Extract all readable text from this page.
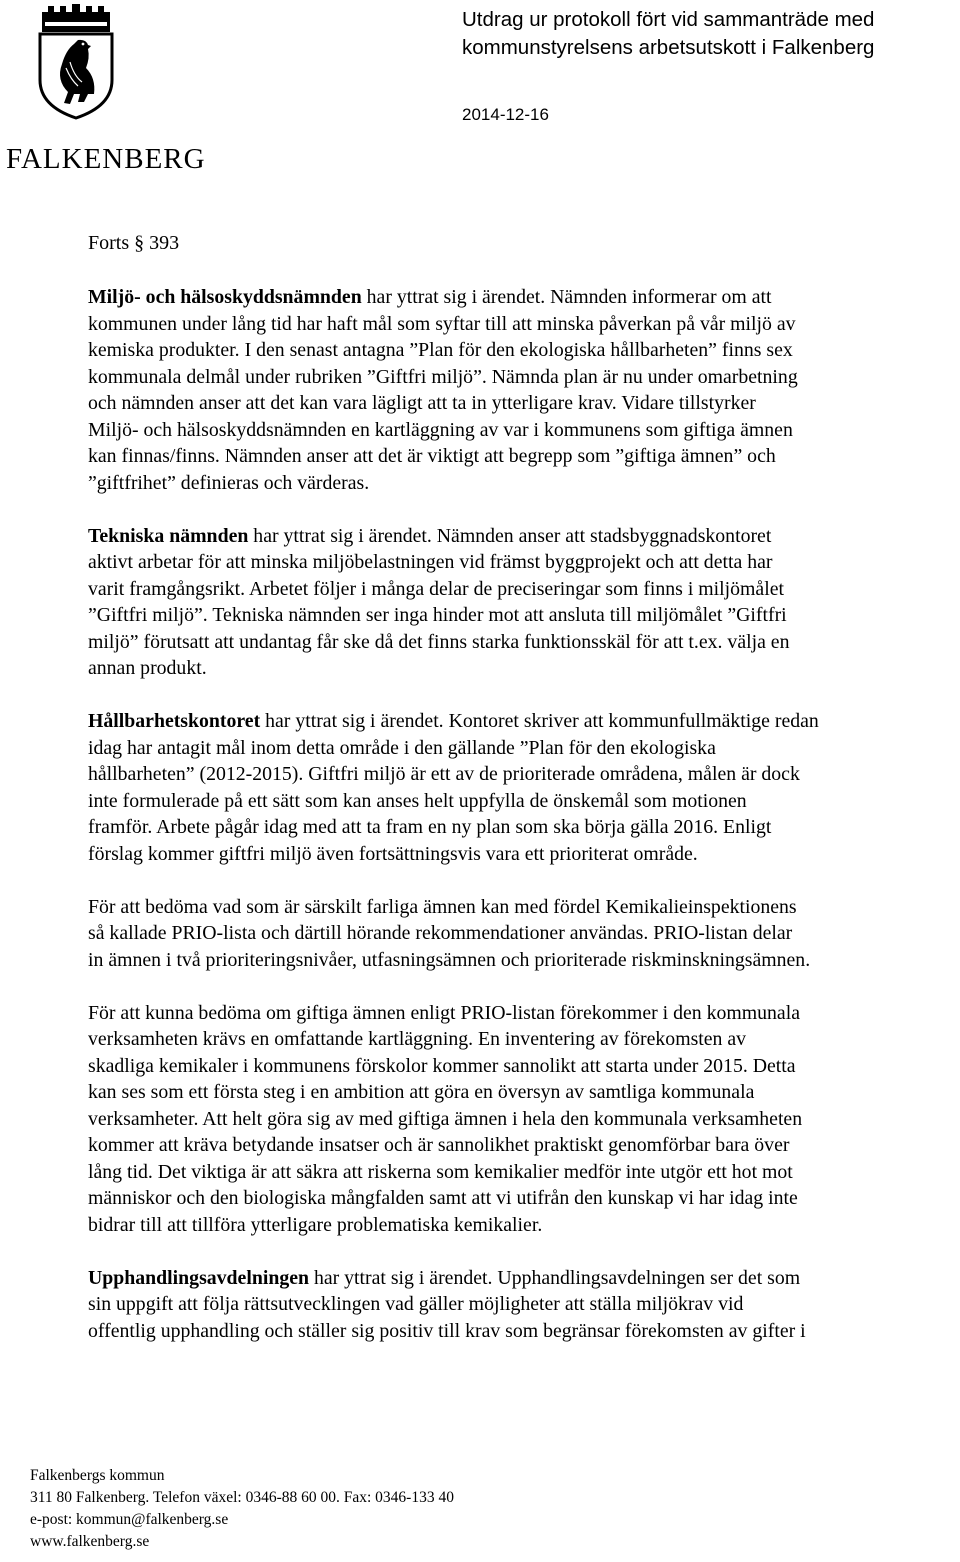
FALKENBERG
Utdrag ur protokoll fört vid sammanträde med
kommunstyrelsens arbetsutskott i Falkenberg
2014-12-16
Forts § 393

Miljö- och hälsoskyddsnämnden har yttrat sig i ärendet. Nämnden informerar om att
kommunen under lång tid har haft mål som syftar till att minska påverkan på vår miljö av
kemiska produkter. I den senast antagna ”Plan för den ekologiska hållbarheten” finns sex
kommunala delmål under rubriken ”Giftfri miljö”. Nämnda plan är nu under omarbetning
och nämnden anser att det kan vara lägligt att ta in ytterligare krav. Vidare tillstyrker
Miljö- och hälsoskyddsnämnden en kartläggning av var i kommunens som giftiga ämnen
kan finnas/finns. Nämnden anser att det är viktigt att begrepp som ”giftiga ämnen” och
”giftfrihet” definieras och värderas.

Tekniska nämnden har yttrat sig i ärendet. Nämnden anser att stadsbyggnadskontoret
aktivt arbetar för att minska miljöbelastningen vid främst byggprojekt och att detta har
varit framgångsrikt. Arbetet följer i många delar de preciseringar som finns i miljömålet
”Giftfri miljö”. Tekniska nämnden ser inga hinder mot att ansluta till miljömålet ”Giftfri
miljö” förutsatt att undantag får ske då det finns starka funktionsskäl för att t.ex. välja en
annan produkt.

Hållbarhetskontoret har yttrat sig i ärendet. Kontoret skriver att kommunfullmäktige redan
idag har antagit mål inom detta område i den gällande ”Plan för den ekologiska
hållbarheten” (2012-2015). Giftfri miljö är ett av de prioriterade områdena, målen är dock
inte formulerade på ett sätt som kan anses helt uppfylla de önskemål som motionen
framför. Arbete pågår idag med att ta fram en ny plan som ska börja gälla 2016. Enligt
förslag kommer giftfri miljö även fortsättningsvis vara ett prioriterat område.

För att bedöma vad som är särskilt farliga ämnen kan med fördel Kemikalieinspektionens
så kallade PRIO-lista och därtill hörande rekommendationer användas. PRIO-listan delar
in ämnen i två prioriteringsnivåer, utfasningsämnen och prioriterade riskminskningsämnen.

För att kunna bedöma om giftiga ämnen enligt PRIO-listan förekommer i den kommunala
verksamheten krävs en omfattande kartläggning. En inventering av förekomsten av
skadliga kemikaler i kommunens förskolor kommer sannolikt att starta under 2015. Detta
kan ses som ett första steg i en ambition att göra en översyn av samtliga kommunala
verksamheter. Att helt göra sig av med giftiga ämnen i hela den kommunala verksamheten
kommer att kräva betydande insatser och är sannolikhet praktiskt genomförbar bara över
lång tid. Det viktiga är att säkra att riskerna som kemikalier medför inte utgör ett hot mot
människor och den biologiska mångfalden samt att vi utifrån den kunskap vi har idag inte
bidrar till att tillföra ytterligare problematiska kemikalier.

Upphandlingsavdelningen har yttrat sig i ärendet. Upphandlingsavdelningen ser det som
sin uppgift att följa rättsutvecklingen vad gäller möjligheter att ställa miljökrav vid
offentlig upphandling och ställer sig positiv till krav som begränsar förekomsten av gifter i

Falkenbergs kommun
311 80 Falkenberg. Telefon växel: 0346-88 60 00. Fax: 0346-133 40
e-post: kommun@falkenberg.se
www.falkenberg.se
